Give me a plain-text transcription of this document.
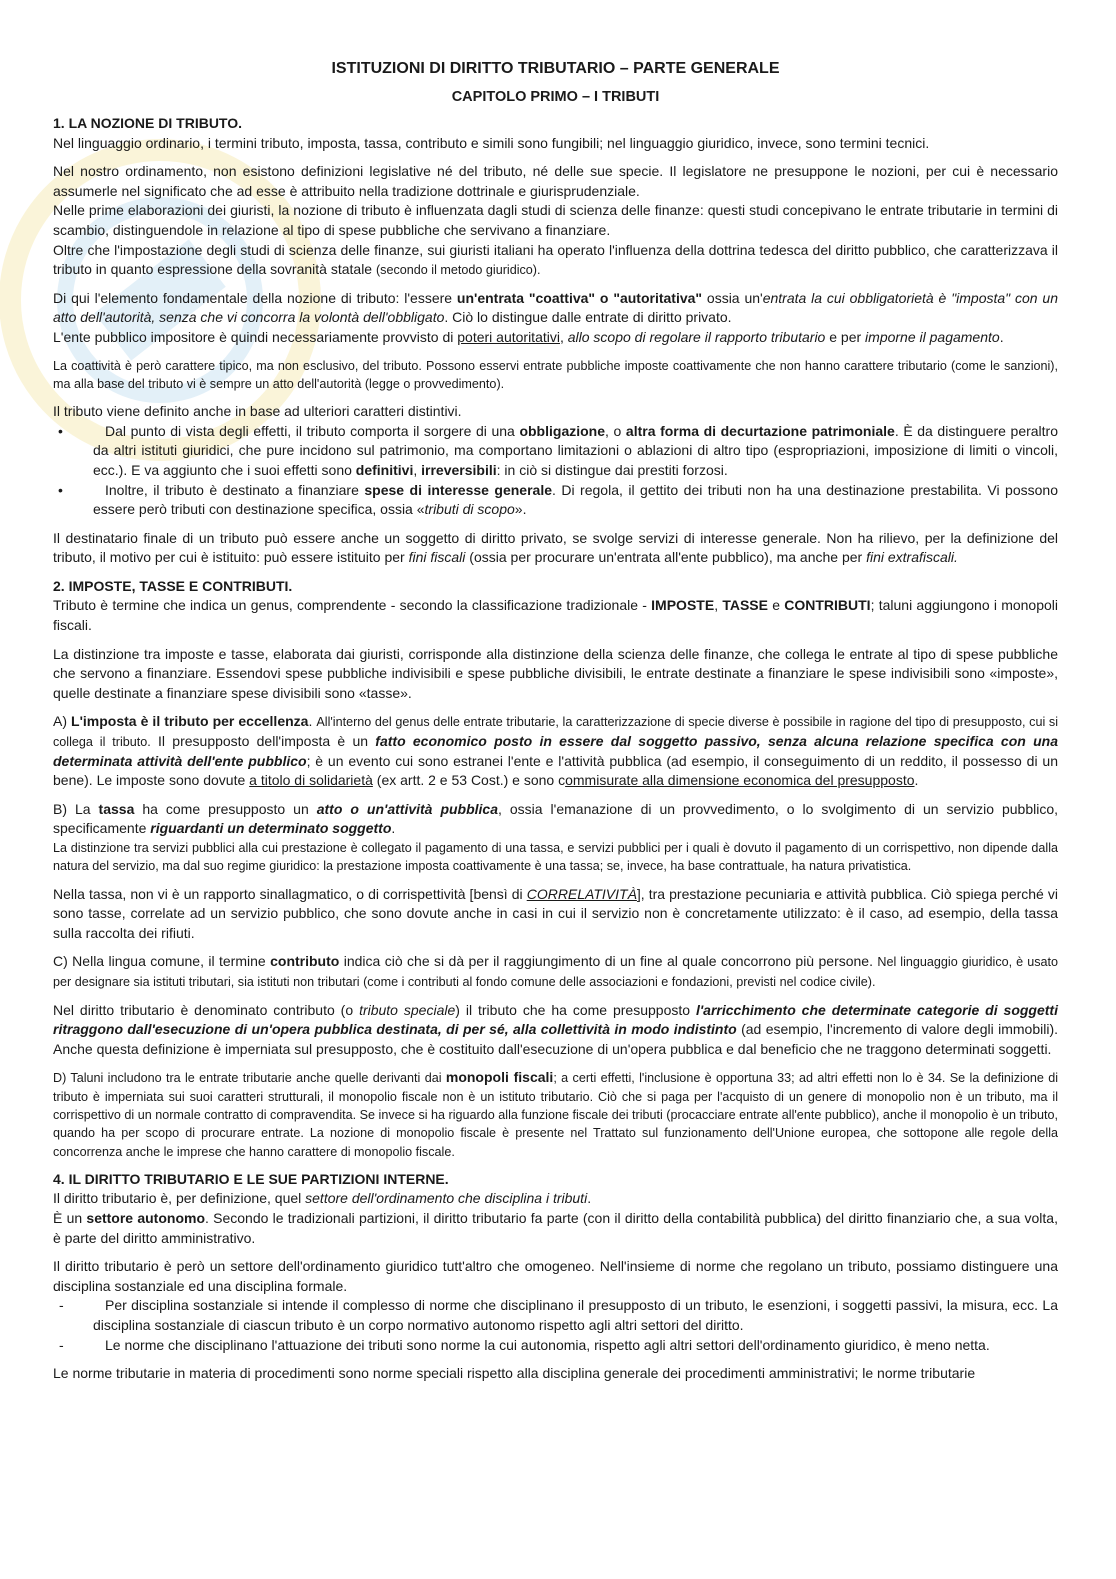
ISTITUZIONI DI DIRITTO TRIBUTARIO – PARTE GENERALE

CAPITOLO PRIMO – I TRIBUTI

1. LA NOZIONE DI TRIBUTO.

Nel linguaggio ordinario, i termini tributo, imposta, tassa, contributo e simili sono fungibili; nel linguaggio giuridico, invece, sono termini tecnici.

Nel nostro ordinamento, non esistono definizioni legislative né del tributo, né delle sue specie. Il legislatore ne presuppone le nozioni, per cui è necessario assumerle nel significato che ad esse è attribuito nella tradizione dottrinale e giurisprudenziale.

Nelle prime elaborazioni dei giuristi, la nozione di tributo è influenzata dagli studi di scienza delle finanze: questi studi concepivano le entrate tributarie in termini di scambio, distinguendole in relazione al tipo di spese pubbliche che servivano a finanziare.

Oltre che l'impostazione degli studi di scienza delle finanze, sui giuristi italiani ha operato l'influenza della dottrina tedesca del diritto pubblico, che caratterizzava il tributo in quanto espressione della sovranità statale (secondo il metodo giuridico).

Di qui l'elemento fondamentale della nozione di tributo: l'essere un'entrata "coattiva" o "autoritativa" ossia un'entrata la cui obbligatorietà è "imposta" con un atto dell'autorità, senza che vi concorra la volontà dell'obbligato. Ciò lo distingue dalle entrate di diritto privato.

L'ente pubblico impositore è quindi necessariamente provvisto di poteri autoritativi, allo scopo di regolare il rapporto tributario e per imporne il pagamento.

La coattività è però carattere tipico, ma non esclusivo, del tributo. Possono esservi entrate pubbliche imposte coattivamente che non hanno carattere tributario (come le sanzioni), ma alla base del tributo vi è sempre un atto dell'autorità (legge o provvedimento).

Il tributo viene definito anche in base ad ulteriori caratteri distintivi.

•	Dal punto di vista degli effetti, il tributo comporta il sorgere di una obbligazione, o altra forma di decurtazione patrimoniale. È da distinguere peraltro da altri istituti giuridici, che pure incidono sul patrimonio, ma comportano limitazioni o ablazioni di altro tipo (espropriazioni, imposizione di limiti o vincoli, ecc.). E va aggiunto che i suoi effetti sono definitivi, irreversibili: in ciò si distingue dai prestiti forzosi.

•	Inoltre, il tributo è destinato a finanziare spese di interesse generale. Di regola, il gettito dei tributi non ha una destinazione prestabilita. Vi possono essere però tributi con destinazione specifica, ossia «tributi di scopo».

Il destinatario finale di un tributo può essere anche un soggetto di diritto privato, se svolge servizi di interesse generale. Non ha rilievo, per la definizione del tributo, il motivo per cui è istituito: può essere istituito per fini fiscali (ossia per procurare un'entrata all'ente pubblico), ma anche per fini extrafiscali.

2. IMPOSTE, TASSE E CONTRIBUTI.

Tributo è termine che indica un genus, comprendente - secondo la classificazione tradizionale - IMPOSTE, TASSE e CONTRIBUTI; taluni aggiungono i monopoli fiscali.

La distinzione tra imposte e tasse, elaborata dai giuristi, corrisponde alla distinzione della scienza delle finanze, che collega le entrate al tipo di spese pubbliche che servono a finanziare. Essendovi spese pubbliche indivisibili e spese pubbliche divisibili, le entrate destinate a finanziare le spese indivisibili sono «imposte», quelle destinate a finanziare spese divisibili sono «tasse».

A) L'imposta è il tributo per eccellenza. All'interno del genus delle entrate tributarie, la caratterizzazione di specie diverse è possibile in ragione del tipo di presupposto, cui si collega il tributo. Il presupposto dell'imposta è un fatto economico posto in essere dal soggetto passivo, senza alcuna relazione specifica con una determinata attività dell'ente pubblico; è un evento cui sono estranei l'ente e l'attività pubblica (ad esempio, il conseguimento di un reddito, il possesso di un bene). Le imposte sono dovute a titolo di solidarietà (ex artt. 2 e 53 Cost.) e sono commisurate alla dimensione economica del presupposto.

B) La tassa ha come presupposto un atto o un'attività pubblica, ossia l'emanazione di un provvedimento, o lo svolgimento di un servizio pubblico, specificamente riguardanti un determinato soggetto.

La distinzione tra servizi pubblici alla cui prestazione è collegato il pagamento di una tassa, e servizi pubblici per i quali è dovuto il pagamento di un corrispettivo, non dipende dalla natura del servizio, ma dal suo regime giuridico: la prestazione imposta coattivamente è una tassa; se, invece, ha base contrattuale, ha natura privatistica.

Nella tassa, non vi è un rapporto sinallagmatico, o di corrispettività [bensì di CORRELATIVITÀ], tra prestazione pecuniaria e attività pubblica. Ciò spiega perché vi sono tasse, correlate ad un servizio pubblico, che sono dovute anche in casi in cui il servizio non è concretamente utilizzato: è il caso, ad esempio, della tassa sulla raccolta dei rifiuti.

C) Nella lingua comune, il termine contributo indica ciò che si dà per il raggiungimento di un fine al quale concorrono più persone. Nel linguaggio giuridico, è usato per designare sia istituti tributari, sia istituti non tributari (come i contributi al fondo comune delle associazioni e fondazioni, previsti nel codice civile).

Nel diritto tributario è denominato contributo (o tributo speciale) il tributo che ha come presupposto l'arricchimento che determinate categorie di soggetti ritraggono dall'esecuzione di un'opera pubblica destinata, di per sé, alla collettività in modo indistinto (ad esempio, l'incremento di valore degli immobili). Anche questa definizione è imperniata sul presupposto, che è costituito dall'esecuzione di un'opera pubblica e dal beneficio che ne traggono determinati soggetti.

D) Taluni includono tra le entrate tributarie anche quelle derivanti dai monopoli fiscali; a certi effetti, l'inclusione è opportuna 33; ad altri effetti non lo è 34. Se la definizione di tributo è imperniata sui suoi caratteri strutturali, il monopolio fiscale non è un istituto tributario. Ciò che si paga per l'acquisto di un genere di monopolio non è un tributo, ma il corrispettivo di un normale contratto di compravendita. Se invece si ha riguardo alla funzione fiscale dei tributi (procacciare entrate all'ente pubblico), anche il monopolio è un tributo, quando ha per scopo di procurare entrate. La nozione di monopolio fiscale è presente nel Trattato sul funzionamento dell'Unione europea, che sottopone alle regole della concorrenza anche le imprese che hanno carattere di monopolio fiscale.

4. IL DIRITTO TRIBUTARIO E LE SUE PARTIZIONI INTERNE.

Il diritto tributario è, per definizione, quel settore dell'ordinamento che disciplina i tributi.

È un settore autonomo. Secondo le tradizionali partizioni, il diritto tributario fa parte (con il diritto della contabilità pubblica) del diritto finanziario che, a sua volta, è parte del diritto amministrativo.

Il diritto tributario è però un settore dell'ordinamento giuridico tutt'altro che omogeneo. Nell'insieme di norme che regolano un tributo, possiamo distinguere una disciplina sostanziale ed una disciplina formale.

-	Per disciplina sostanziale si intende il complesso di norme che disciplinano il presupposto di un tributo, le esenzioni, i soggetti passivi, la misura, ecc. La disciplina sostanziale di ciascun tributo è un corpo normativo autonomo rispetto agli altri settori del diritto.

-	Le norme che disciplinano l'attuazione dei tributi sono norme la cui autonomia, rispetto agli altri settori dell'ordinamento giuridico, è meno netta.

Le norme tributarie in materia di procedimenti sono norme speciali rispetto alla disciplina generale dei procedimenti amministrativi; le norme tributarie
